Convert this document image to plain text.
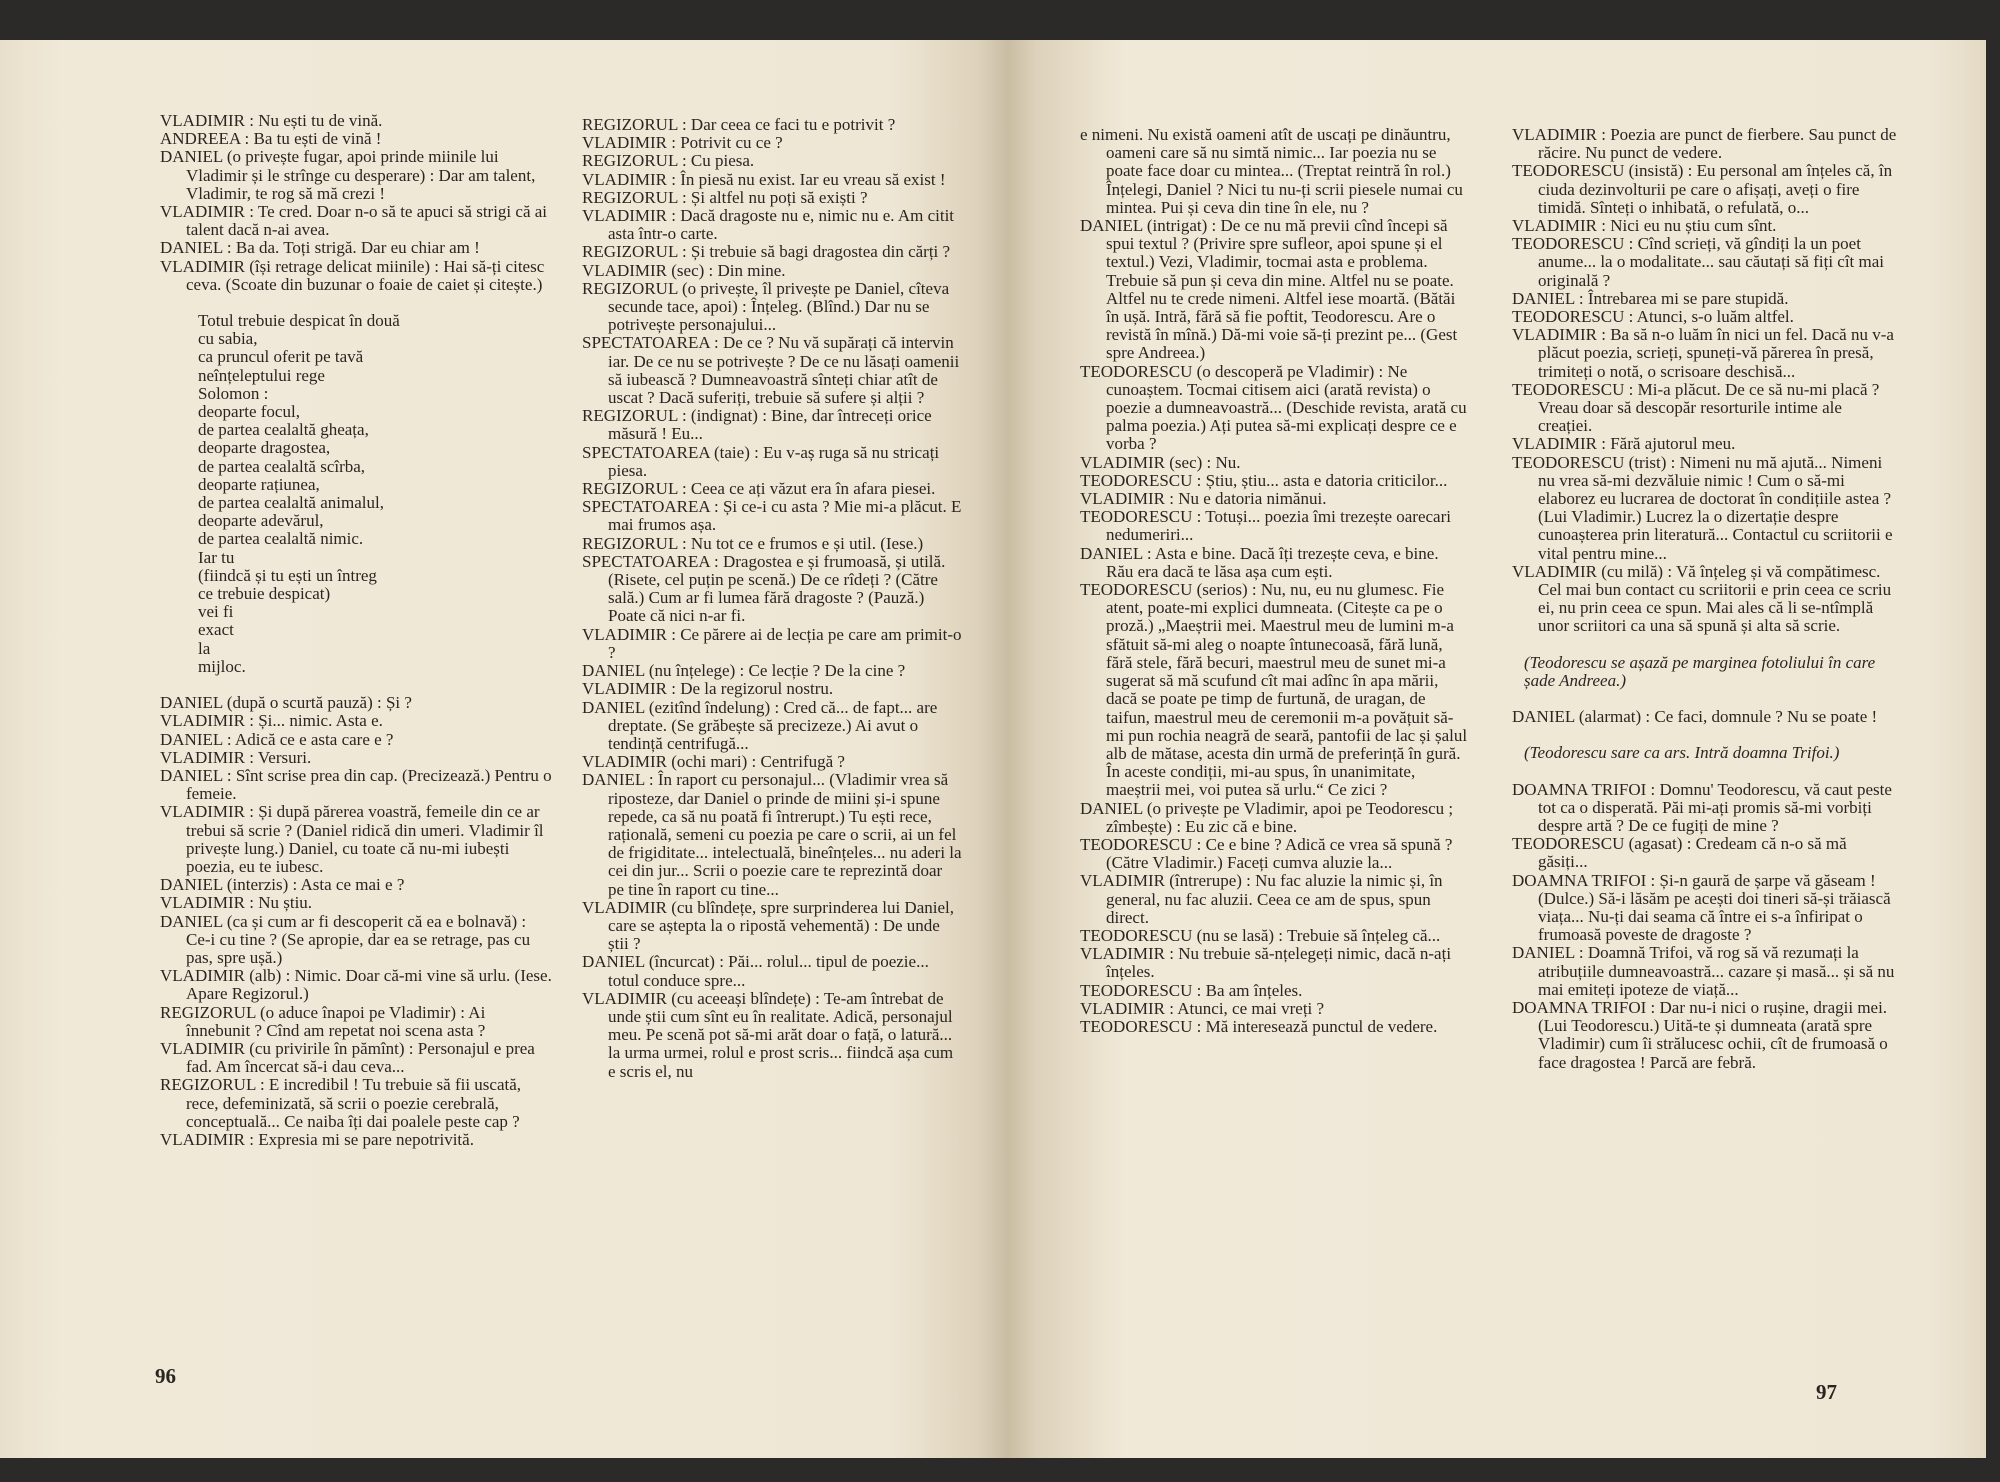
VLADIMIR : Nu ești tu de vină.

ANDREEA : Ba tu ești de vină !

DANIEL (o privește fugar, apoi prinde miinile lui Vladimir și le strînge cu desperare) : Dar am talent, Vladimir, te rog să mă crezi !

VLADIMIR : Te cred. Doar n-o să te apuci să strigi că ai talent dacă n-ai avea.

DANIEL : Ba da. Toți strigă. Dar eu chiar am !

VLADIMIR (își retrage delicat miinile) : Hai să-ți citesc ceva. (Scoate din buzunar o foaie de caiet și citește.)

Totul trebuie despicat în două
cu sabia,
ca pruncul oferit pe tavă
neînțeleptului rege
Solomon :
deoparte focul,
de partea cealaltă gheața,
deoparte dragostea,
de partea cealaltă scîrba,
deoparte rațiunea,
de partea cealaltă animalul,
deoparte adevărul,
de partea cealaltă nimic.
Iar tu
(fiindcă și tu ești un întreg
ce trebuie despicat)
vei fi
exact
la
mijloc.

DANIEL (după o scurtă pauză) : Și ?

VLADIMIR : Și... nimic. Asta e.

DANIEL : Adică ce e asta care e ?

VLADIMIR : Versuri.

DANIEL : Sînt scrise prea din cap. (Precizează.) Pentru o femeie.

VLADIMIR : Și după părerea voastră, femeile din ce ar trebui să scrie ? (Daniel ridică din umeri. Vladimir îl privește lung.) Daniel, cu toate că nu-mi iubești poezia, eu te iubesc.

DANIEL (interzis) : Asta ce mai e ?

VLADIMIR : Nu știu.

DANIEL (ca și cum ar fi descoperit că ea e bolnavă) : Ce-i cu tine ? (Se apropie, dar ea se retrage, pas cu pas, spre ușă.)

VLADIMIR (alb) : Nimic. Doar că-mi vine să urlu. (Iese. Apare Regizorul.)

REGIZORUL (o aduce înapoi pe Vladimir) : Ai înnebunit ? Cînd am repetat noi scena asta ?

VLADIMIR (cu privirile în pămînt) : Personajul e prea fad. Am încercat să-i dau ceva...

REGIZORUL : E incredibil ! Tu trebuie să fii uscată, rece, defeminizată, să scrii o poezie cerebrală, conceptuală... Ce naiba îți dai poalele peste cap ?

VLADIMIR : Expresia mi se pare nepotrivită.

REGIZORUL : Dar ceea ce faci tu e potrivit ?

VLADIMIR : Potrivit cu ce ?

REGIZORUL : Cu piesa.

VLADIMIR : În piesă nu exist. Iar eu vreau să exist !

REGIZORUL : Și altfel nu poți să exiști ?

VLADIMIR : Dacă dragoste nu e, nimic nu e. Am citit asta într-o carte.

REGIZORUL : Și trebuie să bagi dragostea din cărți ?

VLADIMIR (sec) : Din mine.

REGIZORUL (o privește, îl privește pe Daniel, cîteva secunde tace, apoi) : Înțeleg. (Blînd.) Dar nu se potrivește personajului...

SPECTATOAREA : De ce ? Nu vă supărați că intervin iar. De ce nu se potrivește ? De ce nu lăsați oamenii să iubească ? Dumneavoastră sînteți chiar atît de uscat ? Dacă suferiți, trebuie să sufere și alții ?

REGIZORUL : (indignat) : Bine, dar întreceți orice măsură ! Eu...

SPECTATOAREA (taie) : Eu v-aș ruga să nu stricați piesa.

REGIZORUL : Ceea ce ați văzut era în afara piesei.

SPECTATOAREA : Și ce-i cu asta ? Mie mi-a plăcut. E mai frumos așa.

REGIZORUL : Nu tot ce e frumos e și util. (Iese.)

SPECTATOAREA : Dragostea e și frumoasă, și utilă. (Risete, cel puțin pe scenă.) De ce rîdeți ? (Către sală.) Cum ar fi lumea fără dragoste ? (Pauză.) Poate că nici n-ar fi.

VLADIMIR : Ce părere ai de lecția pe care am primit-o ?

DANIEL (nu înțelege) : Ce lecție ? De la cine ?

VLADIMIR : De la regizorul nostru.

DANIEL (ezitînd îndelung) : Cred că... de fapt... are dreptate. (Se grăbește să precizeze.) Ai avut o tendință centrifugă...

VLADIMIR (ochi mari) : Centrifugă ?

DANIEL : În raport cu personajul... (Vladimir vrea să riposteze, dar Daniel o prinde de miini și-i spune repede, ca să nu poată fi întrerupt.) Tu ești rece, rațională, semeni cu poezia pe care o scrii, ai un fel de frigiditate... intelectuală, bineînțeles... nu aderi la cei din jur... Scrii o poezie care te reprezintă doar pe tine în raport cu tine...

VLADIMIR (cu blîndețe, spre surprinderea lui Daniel, care se aștepta la o ripostă vehementă) : De unde știi ?

DANIEL (încurcat) : Păi... rolul... tipul de poezie... totul conduce spre...

VLADIMIR (cu aceeași blîndețe) : Te-am întrebat de unde știi cum sînt eu în realitate. Adică, personajul meu. Pe scenă pot să-mi arăt doar o față, o latură... la urma urmei, rolul e prost scris... fiindcă așa cum e scris el, nu

96

e nimeni. Nu există oameni atît de uscați pe dinăuntru, oameni care să nu simtă nimic... Iar poezia nu se poate face doar cu mintea... (Treptat reintră în rol.) Înțelegi, Daniel ? Nici tu nu-ți scrii piesele numai cu mintea. Pui și ceva din tine în ele, nu ?

DANIEL (intrigat) : De ce nu mă previi cînd începi să spui textul ? (Privire spre sufleor, apoi spune și el textul.) Vezi, Vladimir, tocmai asta e problema. Trebuie să pun și ceva din mine. Altfel nu se poate. Altfel nu te crede nimeni. Altfel iese moartă. (Bătăi în ușă. Intră, fără să fie poftit, Teodorescu. Are o revistă în mînă.) Dă-mi voie să-ți prezint pe... (Gest spre Andreea.)

TEODORESCU (o descoperă pe Vladimir) : Ne cunoaștem. Tocmai citisem aici (arată revista) o poezie a dumneavoastră... (Deschide revista, arată cu palma poezia.) Ați putea să-mi explicați despre ce e vorba ?

VLADIMIR (sec) : Nu.

TEODORESCU : Știu, știu... asta e datoria criticilor...

VLADIMIR : Nu e datoria nimănui.

TEODORESCU : Totuși... poezia îmi trezește oarecari nedumeriri...

DANIEL : Asta e bine. Dacă îți trezește ceva, e bine. Rău era dacă te lăsa așa cum ești.

TEODORESCU (serios) : Nu, nu, eu nu glumesc. Fie atent, poate-mi explici dumneata. (Citește ca pe o proză.) „Maeștrii mei. Maestrul meu de lumini m-a sfătuit să-mi aleg o noapte întunecoasă, fără lună, fără stele, fără becuri, maestrul meu de sunet mi-a sugerat să mă scufund cît mai adînc în apa mării, dacă se poate pe timp de furtună, de uragan, de taifun, maestrul meu de ceremonii m-a povățuit să-mi pun rochia neagră de seară, pantofii de lac și șalul alb de mătase, acesta din urmă de preferință în gură. În aceste condiții, mi-au spus, în unanimitate, maeștrii mei, voi putea să urlu.“ Ce zici ?

DANIEL (o privește pe Vladimir, apoi pe Teodorescu ; zîmbește) : Eu zic că e bine.

TEODORESCU : Ce e bine ? Adică ce vrea să spună ? (Către Vladimir.) Faceți cumva aluzie la...

VLADIMIR (întrerupe) : Nu fac aluzie la nimic și, în general, nu fac aluzii. Ceea ce am de spus, spun direct.

TEODORESCU (nu se lasă) : Trebuie să înțeleg că...

VLADIMIR : Nu trebuie să-nțelegeți nimic, dacă n-ați înțeles.

TEODORESCU : Ba am înțeles.

VLADIMIR : Atunci, ce mai vreți ?

TEODORESCU : Mă interesează punctul de vedere.

VLADIMIR : Poezia are punct de fierbere. Sau punct de răcire. Nu punct de vedere.

TEODORESCU (insistă) : Eu personal am înțeles că, în ciuda dezinvolturii pe care o afișați, aveți o fire timidă. Sînteți o inhibată, o refulată, o...

VLADIMIR : Nici eu nu știu cum sînt.

TEODORESCU : Cînd scrieți, vă gîndiți la un poet anume... la o modalitate... sau căutați să fiți cît mai originală ?

DANIEL : Întrebarea mi se pare stupidă.

TEODORESCU : Atunci, s-o luăm altfel.

VLADIMIR : Ba să n-o luăm în nici un fel. Dacă nu v-a plăcut poezia, scrieți, spuneți-vă părerea în presă, trimiteți o notă, o scrisoare deschisă...

TEODORESCU : Mi-a plăcut. De ce să nu-mi placă ? Vreau doar să descopăr resorturile intime ale creației.

VLADIMIR : Fără ajutorul meu.

TEODORESCU (trist) : Nimeni nu mă ajută... Nimeni nu vrea să-mi dezvăluie nimic ! Cum o să-mi elaborez eu lucrarea de doctorat în condițiile astea ? (Lui Vladimir.) Lucrez la o dizertație despre cunoașterea prin literatură... Contactul cu scriitorii e vital pentru mine...

VLADIMIR (cu milă) : Vă înțeleg și vă compătimesc. Cel mai bun contact cu scriitorii e prin ceea ce scriu ei, nu prin ceea ce spun. Mai ales că li se-ntîmplă unor scriitori ca una să spună și alta să scrie.

(Teodorescu se așază pe marginea fotoliului în care șade Andreea.)

DANIEL (alarmat) : Ce faci, domnule ? Nu se poate !

(Teodorescu sare ca ars. Intră doamna Trifoi.)

DOAMNA TRIFOI : Domnu' Teodorescu, vă caut peste tot ca o disperată. Păi mi-ați promis să-mi vorbiți despre artă ? De ce fugiți de mine ?

TEODORESCU (agasat) : Credeam că n-o să mă găsiți...

DOAMNA TRIFOI : Și-n gaură de șarpe vă găseam ! (Dulce.) Să-i lăsăm pe acești doi tineri să-și trăiască viața... Nu-ți dai seama că între ei s-a înfiripat o frumoasă poveste de dragoste ?

DANIEL : Doamnă Trifoi, vă rog să vă rezumați la atribuțiile dumneavoastră... cazare și masă... și să nu mai emiteți ipoteze de viață...

DOAMNA TRIFOI : Dar nu-i nici o rușine, dragii mei. (Lui Teodorescu.) Uită-te și dumneata (arată spre Vladimir) cum îi strălucesc ochii, cît de frumoasă o face dragostea ! Parcă are febră.

97
